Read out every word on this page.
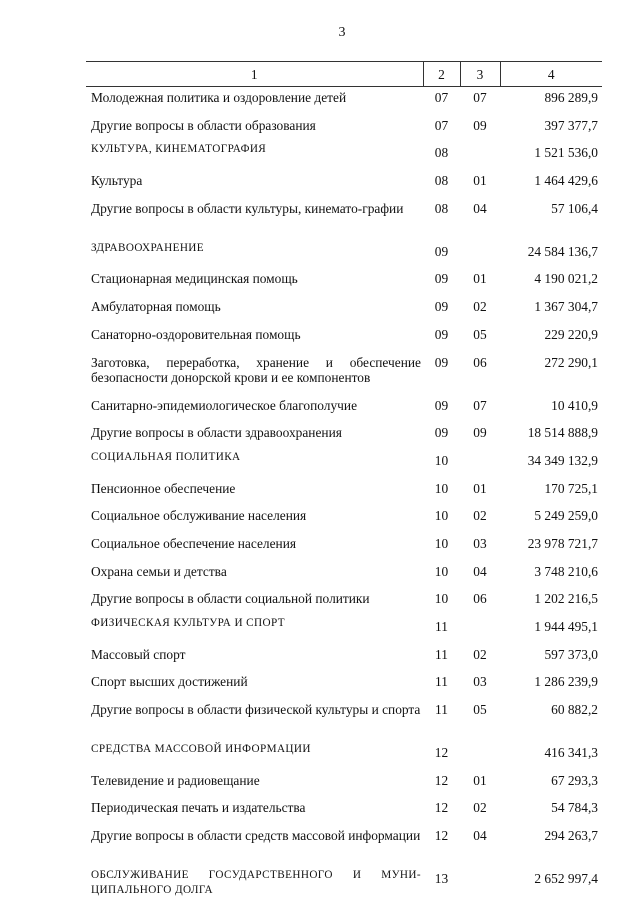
3
1	2	3	4
Молодежная политика и оздоровление детей	07	07	896 289,9
Другие вопросы в области образования	07	09	397 377,7
КУЛЬТУРА, КИНЕМАТОГРАФИЯ	08		1 521 536,0
Культура	08	01	1 464 429,6
Другие вопросы в области культуры, кинемато-графии	08	04	57 106,4
ЗДРАВООХРАНЕНИЕ	09		24 584 136,7
Стационарная медицинская помощь	09	01	4 190 021,2
Амбулаторная помощь	09	02	1 367 304,7
Санаторно-оздоровительная помощь	09	05	229 220,9
Заготовка, переработка, хранение и обеспечение безопасности донорской крови и ее компонентов	09	06	272 290,1
Санитарно-эпидемиологическое благополучие	09	07	10 410,9
Другие вопросы в области здравоохранения	09	09	18 514 888,9
СОЦИАЛЬНАЯ ПОЛИТИКА	10		34 349 132,9
Пенсионное обеспечение	10	01	170 725,1
Социальное обслуживание населения	10	02	5 249 259,0
Социальное обеспечение населения	10	03	23 978 721,7
Охрана семьи и детства	10	04	3 748 210,6
Другие вопросы в области социальной политики	10	06	1 202 216,5
ФИЗИЧЕСКАЯ КУЛЬТУРА И СПОРТ	11		1 944 495,1
Массовый спорт	11	02	597 373,0
Спорт высших достижений	11	03	1 286 239,9
Другие вопросы в области физической культуры и спорта	11	05	60 882,2
СРЕДСТВА МАССОВОЙ ИНФОРМАЦИИ	12		416 341,3
Телевидение и радиовещание	12	01	67 293,3
Периодическая печать и издательства	12	02	54 784,3
Другие вопросы в области средств массовой информации	12	04	294 263,7
ОБСЛУЖИВАНИЕ ГОСУДАРСТВЕННОГО И МУНИ-ЦИПАЛЬНОГО ДОЛГА	13		2 652 997,4
